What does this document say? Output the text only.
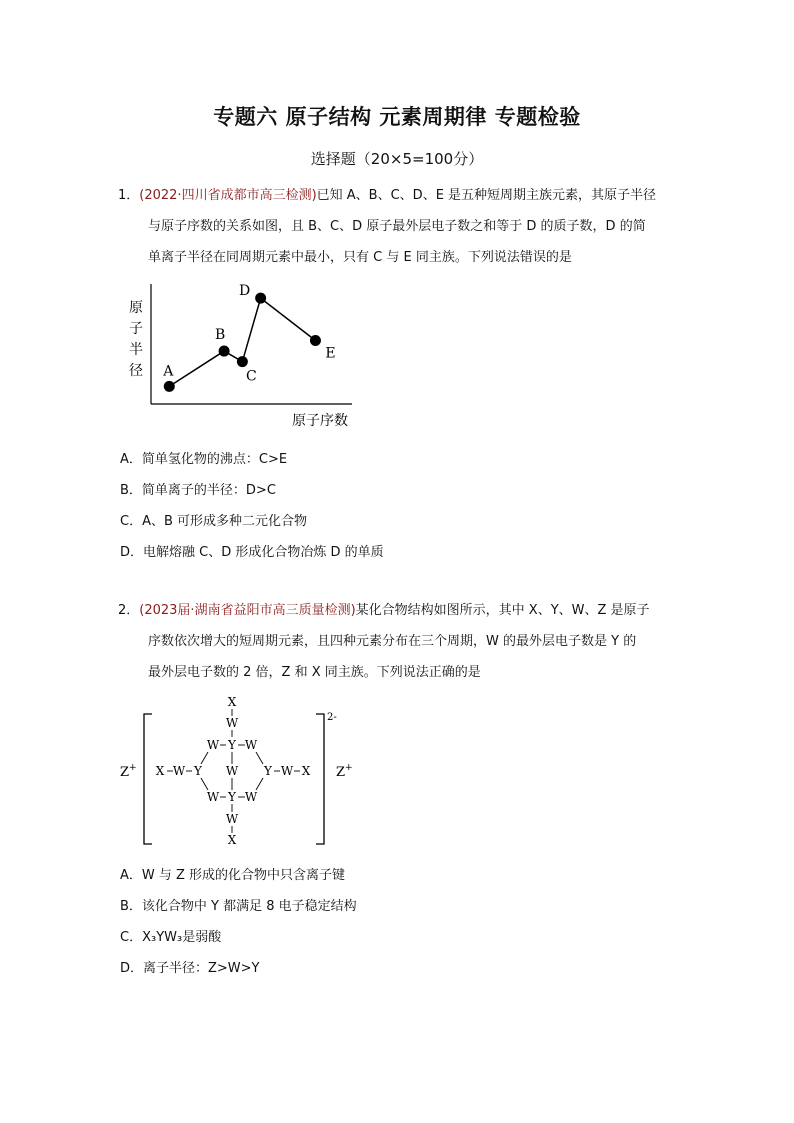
专题六 原子结构 元素周期律 专题检验
选择题（20×5=100分）
1．(2022·四川省成都市高三检测)已知 A、B、C、D、E 是五种短周期主族元素，其原子半径
与原子序数的关系如图，且 B、C、D 原子最外层电子数之和等于 D 的质子数，D 的简
单离子半径在同周期元素中最小，只有 C 与 E 同主族。下列说法错误的是
原
子
半
径
原子序数
A
B
C
D
E
A．简单氢化物的沸点：C>E
B．简单离子的半径：D>C
C．A、B 可形成多种二元化合物
D．电解熔融 C、D 形成化合物冶炼 D 的单质
2．(2023届·湖南省益阳市高三质量检测)某化合物结构如图所示，其中 X、Y、W、Z 是原子
序数依次增大的短周期元素，且四种元素分布在三个周期，W 的最外层电子数是 Y 的
最外层电子数的 2 倍，Z 和 X 同主族。下列说法正确的是
Z+
2-
Z+
X
W
W Y W
X W Y W Y W X
W Y W
W
X
A．W 与 Z 形成的化合物中只含离子键
B．该化合物中 Y 都满足 8 电子稳定结构
C．X₃YW₃是弱酸
D．离子半径：Z>W>Y
